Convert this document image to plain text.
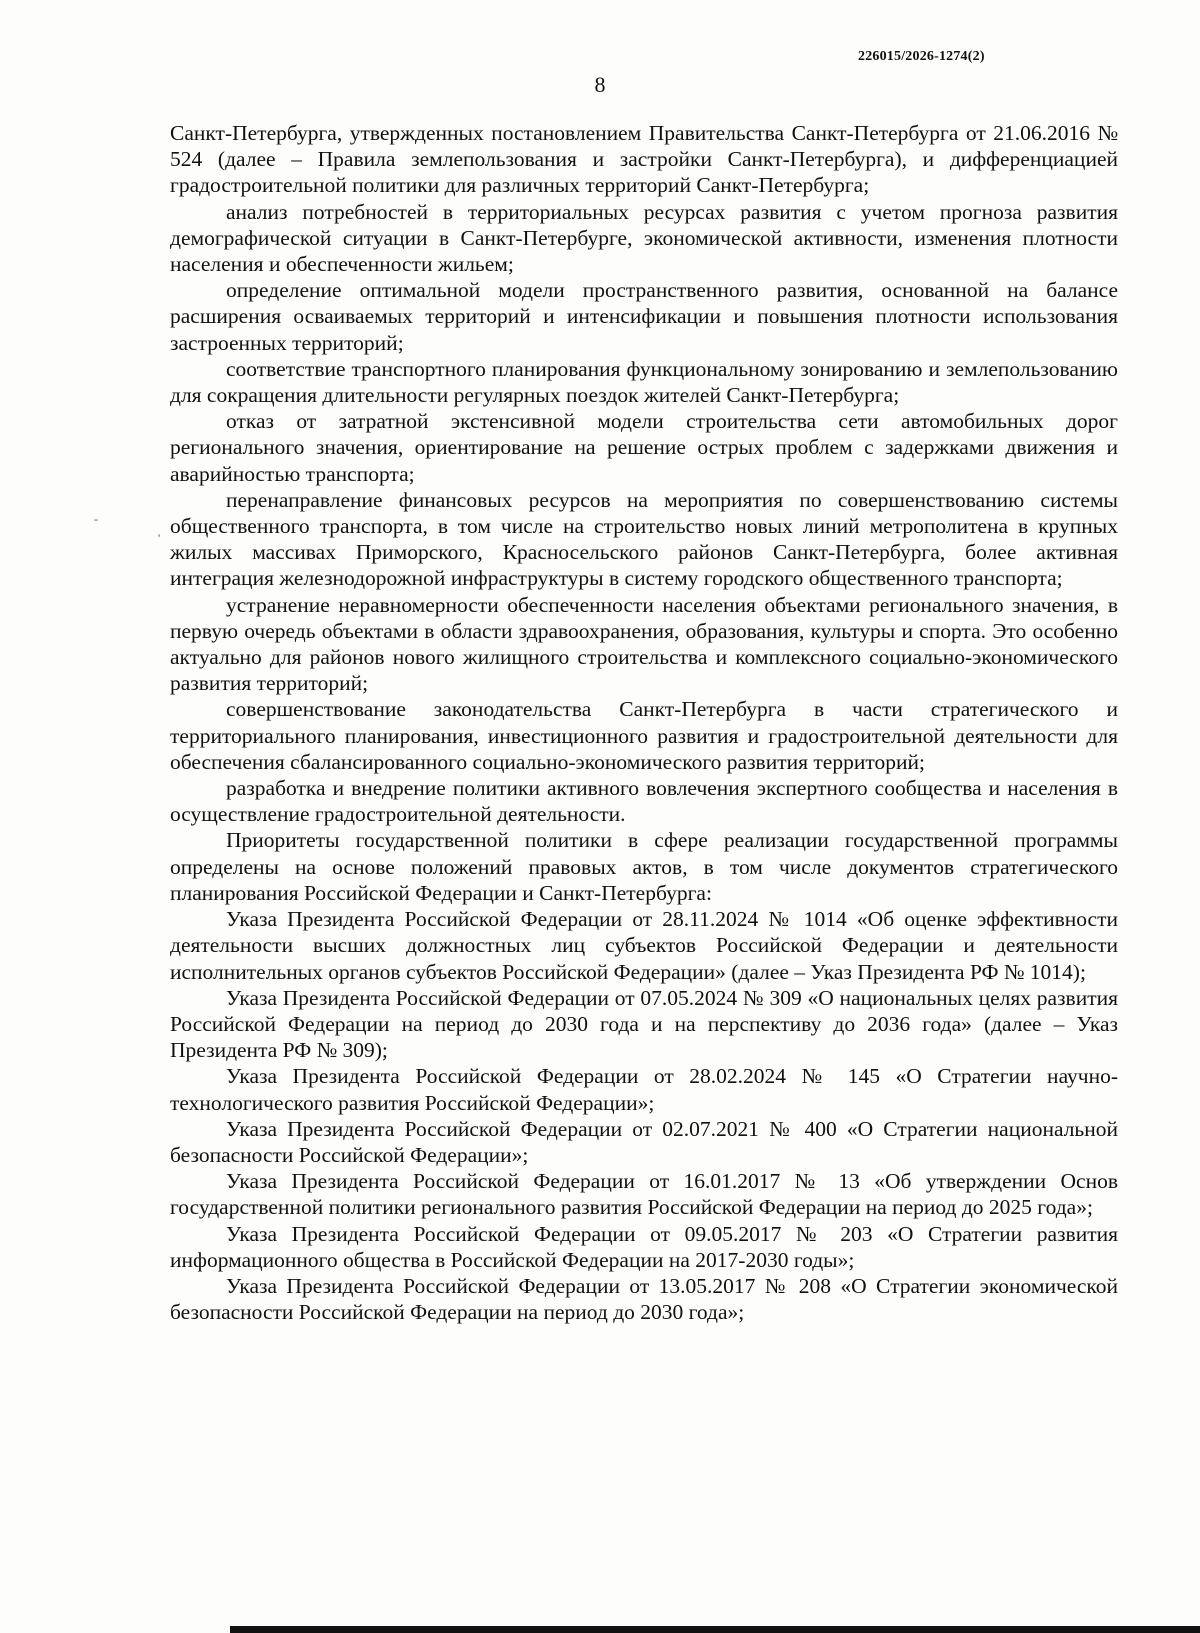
226015/2026-1274(2)
8
-
'

Санкт-Петербурга, утвержденных постановлением Правительства Санкт-Петербурга от 21.06.2016 № 524 (далее – Правила землепользования и застройки Санкт-Петербурга), и дифференциацией градостроительной политики для различных территорий Санкт-Петербурга;

анализ потребностей в территориальных ресурсах развития с учетом прогноза развития демографической ситуации в Санкт-Петербурге, экономической активности, изменения плотности населения и обеспеченности жильем;

определение оптимальной модели пространственного развития, основанной на балансе расширения осваиваемых территорий и интенсификации и повышения плотности использования застроенных территорий;

соответствие транспортного планирования функциональному зонированию и землепользованию для сокращения длительности регулярных поездок жителей Санкт-Петербурга;

отказ от затратной экстенсивной модели строительства сети автомобильных дорог регионального значения, ориентирование на решение острых проблем с задержками движения и аварийностью транспорта;

перенаправление финансовых ресурсов на мероприятия по совершенствованию системы общественного транспорта, в том числе на строительство новых линий метрополитена в крупных жилых массивах Приморского, Красносельского районов Санкт-Петербурга, более активная интеграция железнодорожной инфраструктуры в систему городского общественного транспорта;

устранение неравномерности обеспеченности населения объектами регионального значения, в первую очередь объектами в области здравоохранения, образования, культуры и спорта. Это особенно актуально для районов нового жилищного строительства и комплексного социально-экономического развития территорий;

совершенствование законодательства Санкт-Петербурга в части стратегического и территориального планирования, инвестиционного развития и градостроительной деятельности для обеспечения сбалансированного социально-экономического развития территорий;

разработка и внедрение политики активного вовлечения экспертного сообщества и населения в осуществление градостроительной деятельности.

Приоритеты государственной политики в сфере реализации государственной программы определены на основе положений правовых актов, в том числе документов стратегического планирования Российской Федерации и Санкт-Петербурга:

Указа Президента Российской Федерации от 28.11.2024 № 1014 «Об оценке эффективности деятельности высших должностных лиц субъектов Российской Федерации и деятельности исполнительных органов субъектов Российской Федерации» (далее – Указ Президента РФ № 1014);

Указа Президента Российской Федерации от 07.05.2024 № 309 «О национальных целях развития Российской Федерации на период до 2030 года и на перспективу до 2036 года» (далее – Указ Президента РФ № 309);

Указа Президента Российской Федерации от 28.02.2024 № 145 «О Стратегии научно-технологического развития Российской Федерации»;

Указа Президента Российской Федерации от 02.07.2021 № 400 «О Стратегии национальной безопасности Российской Федерации»;

Указа Президента Российской Федерации от 16.01.2017 № 13 «Об утверждении Основ государственной политики регионального развития Российской Федерации на период до 2025 года»;

Указа Президента Российской Федерации от 09.05.2017 № 203 «О Стратегии развития информационного общества в Российской Федерации на 2017-2030 годы»;

Указа Президента Российской Федерации от 13.05.2017 № 208 «О Стратегии экономической безопасности Российской Федерации на период до 2030 года»;
